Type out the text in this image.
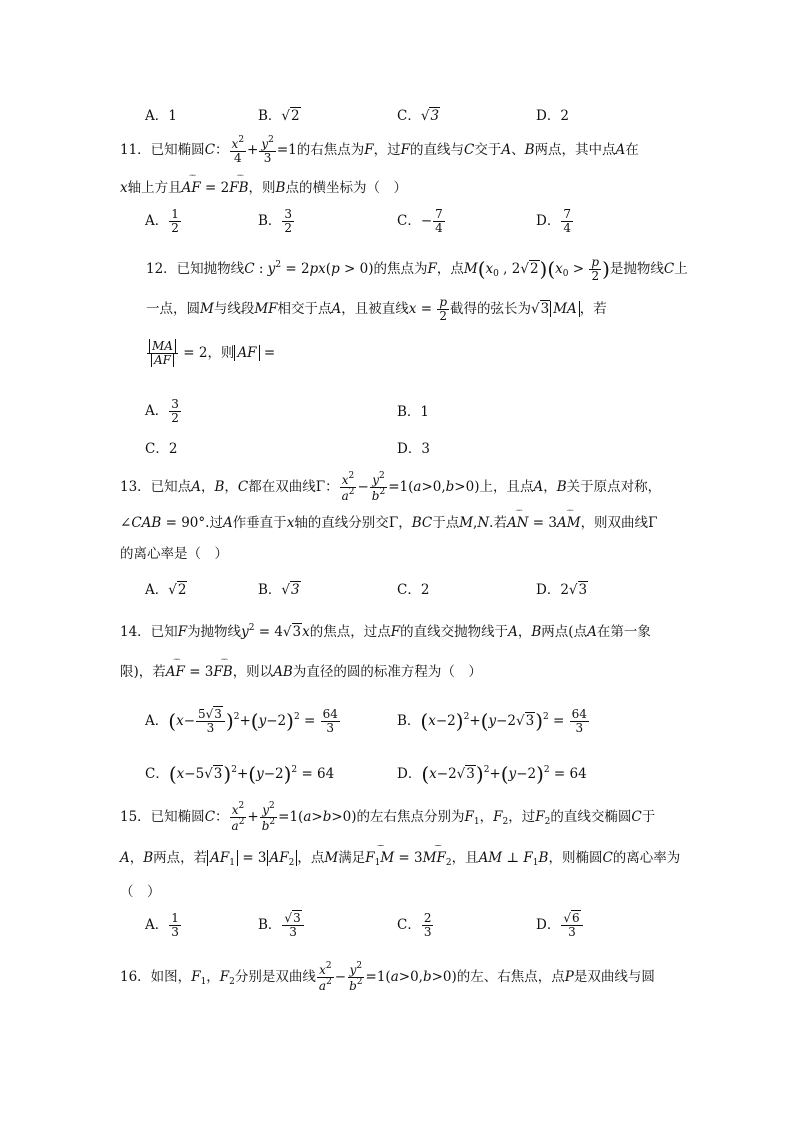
A．1	B．√2	C．√3	D．2
11．已知椭圆C： $\frac{x^2}{4} + \frac{y^2}{3} =1$的右焦点为F，过F的直线与C交于A、B两点，其中点A在
x轴上方且⌢⌢ AF = 2⌢⌢ FB，则B点的横坐标为（　）
A． $\frac{1}{2}$	B． $\frac{3}{2}$	C．− $\frac{7}{4}$	D． $\frac{7}{4}$
12．已知抛物线C : $y^2 = 2px(p > 0)$的焦点为F，点$M(x_0$ , $2√2)(x_0 > \frac{p}{2}$ )是抛物线C上
一点，圆M与线段MF相交于点A，且被直线$x = \frac{p}{2}$ 截得的弦长为√3 MA ，若
$\frac{MA}{AF} = 2$，则 AF =
A． $\frac{3}{2}$	B．1
C．2	D．3
13．已知点A，B，C都在双曲线Γ： $\frac{x^2}{a^2} - \frac{y^2}{b^2} =1(a>0,b>0)$上，且点A，B关于原点对称，
∠CAB = 90°.过A作垂直于x轴的直线分别交Γ，BC于点M,N.若⌢⌢ AN = 3⌢⌢ AM，则双曲线Γ
的离心率是（　）
A．√2	B．√3	C．2	D．2√3
14．已知F为抛物线$y^2 = 4√3x$的焦点，过点F的直线交抛物线于A，B两点(点A在第一象
限)，若⌢⌢ AF = 3⌢⌢ FB，则以AB为直径的圆的标准方程为（　）
A．$(x- \frac{5√3}{3} )^2+(y-2)^2 = \frac{64}{3}$	B．$(x-2)^2+(y-2√3)^2 = \frac{64}{3}$
C．$(x-5√3)^2+(y-2)^2 = 64$	D．$(x-2√3)^2+(y-2)^2 = 64$
15．已知椭圆C： $\frac{x^2}{a^2} + \frac{y^2}{b^2} =1(a>b>0)$的左右焦点分别为$F_1$，$F_2$，过$F_2$的直线交椭圆C于
A，B两点，若 $AF_1 = 3$ $AF_2$ ，点M满足⌢⌢ $F_1M$ = 3⌢⌢ $MF_2$，且AM ⊥ $F_1B$，则椭圆C的离心率为
（　）
A． $\frac{1}{3}$	B． $\frac{√3}{3}$	C． $\frac{2}{3}$	D． $\frac{√6}{3}$
16．如图，$F_1$，$F_2$分别是双曲线 $\frac{x^2}{a^2} - \frac{y^2}{b^2} =1(a>0,b>0)$的左、右焦点，点P是双曲线与圆
